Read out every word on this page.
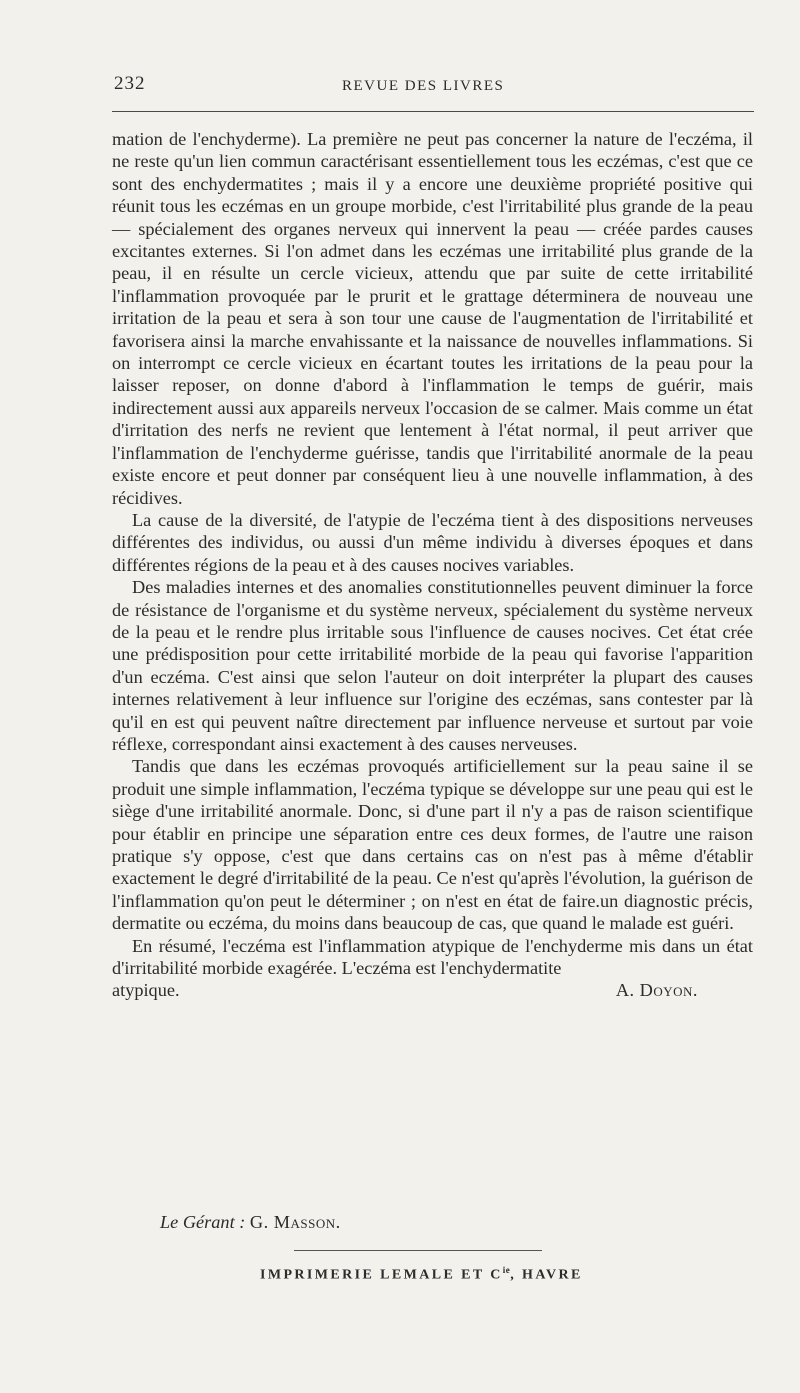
232	REVUE DES LIVRES

mation de l'enchyderme). La première ne peut pas concerner la nature de l'eczéma, il ne reste qu'un lien commun caractérisant essentiellement tous les eczémas, c'est que ce sont des enchydermatites ; mais il y a encore une deuxième propriété positive qui réunit tous les eczémas en un groupe morbide, c'est l'irritabilité plus grande de la peau — spécialement des organes nerveux qui innervent la peau — créée pardes causes excitantes externes. Si l'on admet dans les eczémas une irritabilité plus grande de la peau, il en résulte un cercle vicieux, attendu que par suite de cette irritabilité l'inflammation provoquée par le prurit et le grattage déterminera de nouveau une irritation de la peau et sera à son tour une cause de l'augmentation de l'irritabilité et favorisera ainsi la marche envahissante et la naissance de nouvelles inflammations. Si on interrompt ce cercle vicieux en écartant toutes les irritations de la peau pour la laisser reposer, on donne d'abord à l'inflammation le temps de guérir, mais indirectement aussi aux appareils nerveux l'occasion de se calmer. Mais comme un état d'irritation des nerfs ne revient que lentement à l'état normal, il peut arriver que l'inflammation de l'enchyderme guérisse, tandis que l'irritabilité anormale de la peau existe encore et peut donner par conséquent lieu à une nouvelle inflammation, à des récidives.

La cause de la diversité, de l'atypie de l'eczéma tient à des dispositions nerveuses différentes des individus, ou aussi d'un même individu à diverses époques et dans différentes régions de la peau et à des causes nocives variables.

Des maladies internes et des anomalies constitutionnelles peuvent diminuer la force de résistance de l'organisme et du système nerveux, spécialement du système nerveux de la peau et le rendre plus irritable sous l'influence de causes nocives. Cet état crée une prédisposition pour cette irritabilité morbide de la peau qui favorise l'apparition d'un eczéma. C'est ainsi que selon l'auteur on doit interpréter la plupart des causes internes relativement à leur influence sur l'origine des eczémas, sans contester par là qu'il en est qui peuvent naître directement par influence nerveuse et surtout par voie réflexe, correspondant ainsi exactement à des causes nerveuses.

Tandis que dans les eczémas provoqués artificiellement sur la peau saine il se produit une simple inflammation, l'eczéma typique se développe sur une peau qui est le siège d'une irritabilité anormale. Donc, si d'une part il n'y a pas de raison scientifique pour établir en principe une séparation entre ces deux formes, de l'autre une raison pratique s'y oppose, c'est que dans certains cas on n'est pas à même d'établir exactement le degré d'irritabilité de la peau. Ce n'est qu'après l'évolution, la guérison de l'inflammation qu'on peut le déterminer ; on n'est en état de faire.un diagnostic précis, dermatite ou eczéma, du moins dans beaucoup de cas, que quand le malade est guéri.

En résumé, l'eczéma est l'inflammation atypique de l'enchyderme mis dans un état d'irritabilité morbide exagérée. L'eczéma est l'enchydermatite

atypique.	A. Doyon.
Le Gérant : G. Masson.
IMPRIMERIE LEMALE ET $C^{ie}$, HAVRE
